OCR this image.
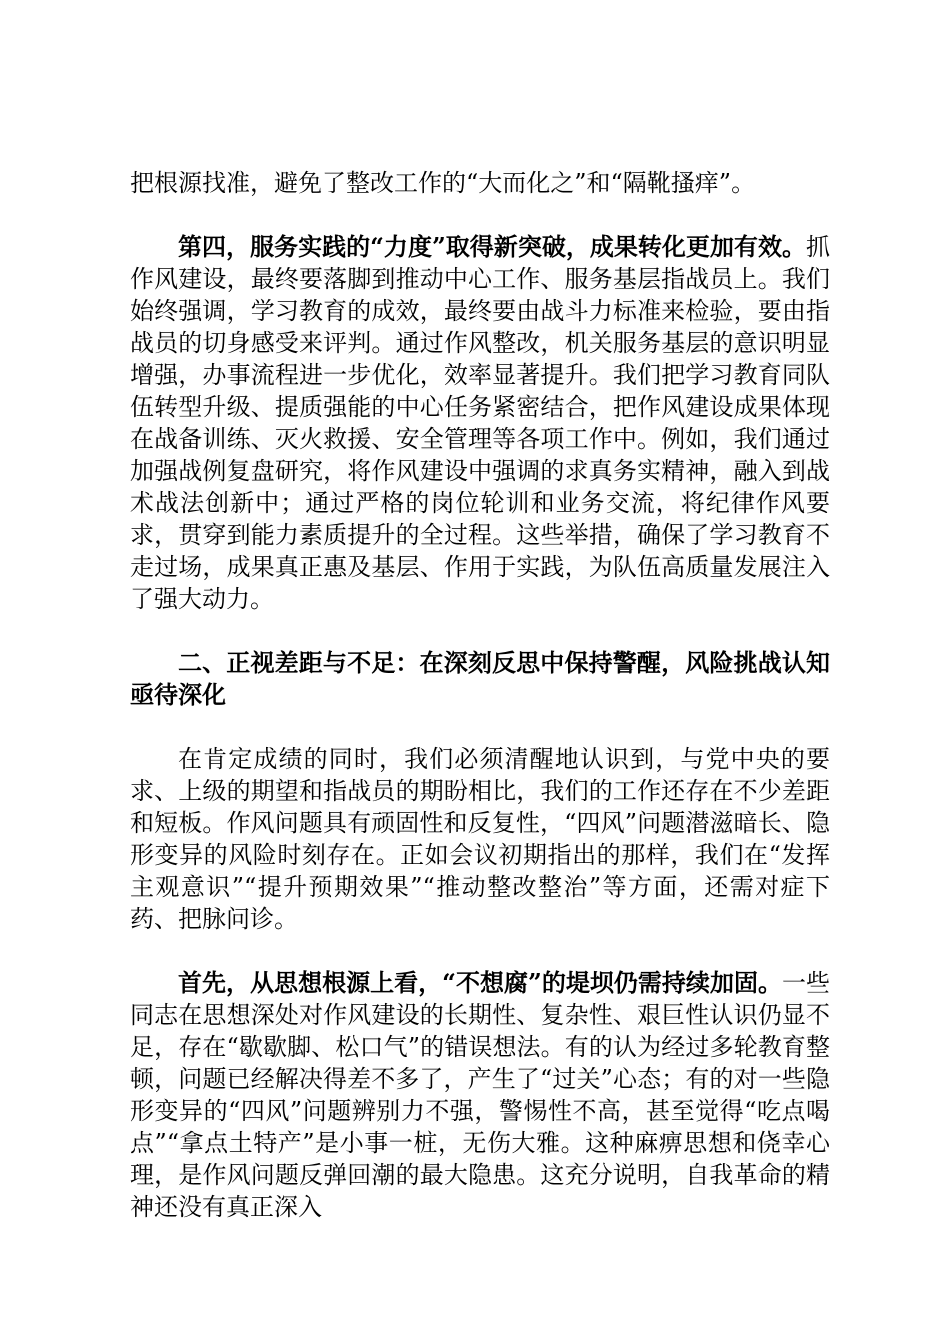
把根源找准，避免了整改工作的“大而化之”和“隔靴搔痒”。

第四，服务实践的“力度”取得新突破，成果转化更加有效。抓作风建设，最终要落脚到推动中心工作、服务基层指战员上。我们始终强调，学习教育的成效，最终要由战斗力标准来检验，要由指战员的切身感受来评判。通过作风整改，机关服务基层的意识明显增强，办事流程进一步优化，效率显著提升。我们把学习教育同队伍转型升级、提质强能的中心任务紧密结合，把作风建设成果体现在战备训练、灭火救援、安全管理等各项工作中。例如，我们通过加强战例复盘研究，将作风建设中强调的求真务实精神，融入到战术战法创新中；通过严格的岗位轮训和业务交流，将纪律作风要求，贯穿到能力素质提升的全过程。这些举措，确保了学习教育不走过场，成果真正惠及基层、作用于实践，为队伍高质量发展注入了强大动力。

二、正视差距与不足：在深刻反思中保持警醒，风险挑战认知亟待深化

在肯定成绩的同时，我们必须清醒地认识到，与党中央的要求、上级的期望和指战员的期盼相比，我们的工作还存在不少差距和短板。作风问题具有顽固性和反复性，“四风”问题潜滋暗长、隐形变异的风险时刻存在。正如会议初期指出的那样，我们在“发挥主观意识”“提升预期效果”“推动整改整治”等方面，还需对症下药、把脉问诊。

首先，从思想根源上看，“不想腐”的堤坝仍需持续加固。一些同志在思想深处对作风建设的长期性、复杂性、艰巨性认识仍显不足，存在“歇歇脚、松口气”的错误想法。有的认为经过多轮教育整顿，问题已经解决得差不多了，产生了“过关”心态；有的对一些隐形变异的“四风”问题辨别力不强，警惕性不高，甚至觉得“吃点喝点”“拿点土特产”是小事一桩，无伤大雅。这种麻痹思想和侥幸心理，是作风问题反弹回潮的最大隐患。这充分说明，自我革命的精神还没有真正深入
